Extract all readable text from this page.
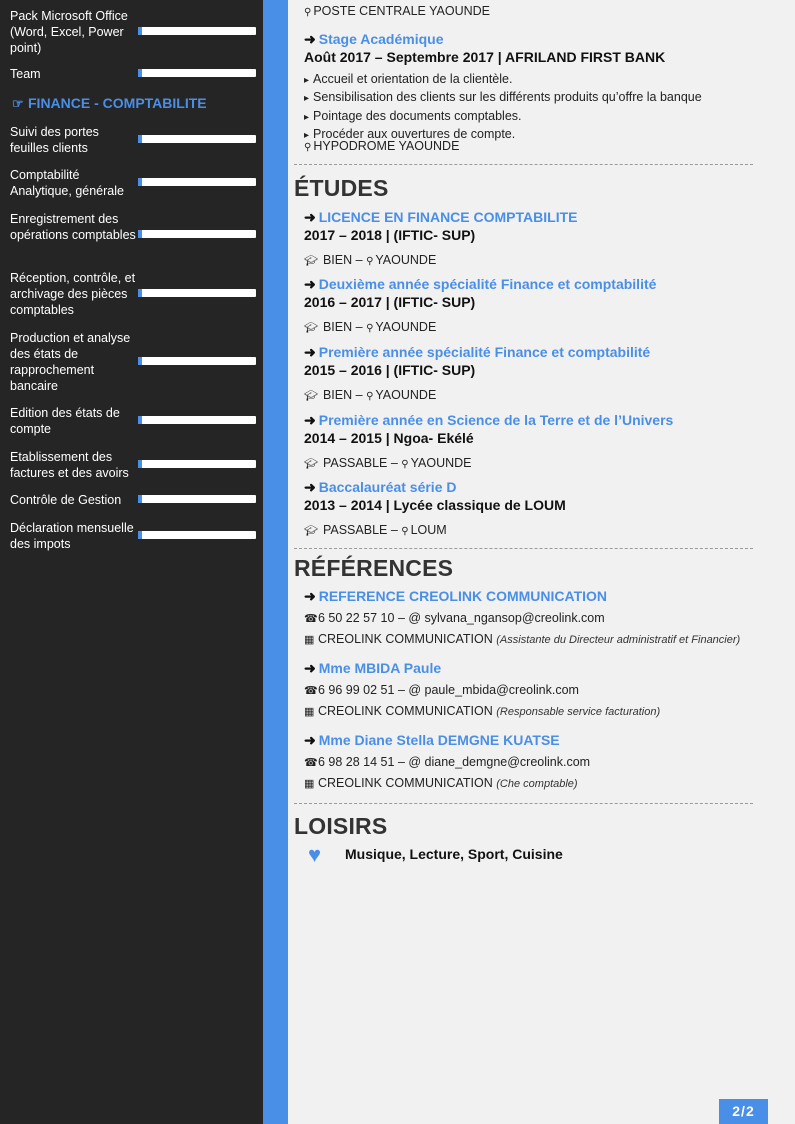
Pack Microsoft Office (Word, Excel, Power point)
Team
☞ FINANCE - COMPTABILITE
Suivi des portes feuilles clients
Comptabilité Analytique, générale
Enregistrement des opérations comptables
Réception, contrôle, et archivage des pièces comptables
Production et analyse des états de rapprochement bancaire
Edition des états de compte
Etablissement des factures et des avoirs
Contrôle de Gestion
Déclaration mensuelle des impots
⚲ POSTE CENTRALE YAOUNDE
➜ Stage Académique
Août 2017 – Septembre 2017 | AFRILAND FIRST BANK
▸ Accueil et orientation de la clientèle.
▸ Sensibilisation des clients sur les différents produits qu’offre la banque
▸ Pointage des documents comptables.
▸ Procéder aux ouvertures de compte.
⚲ HYPODROME YAOUNDE
ÉTUDES
➜ LICENCE EN FINANCE COMPTABILITE
2017 – 2018 | (IFTIC- SUP)
🎓︎ BIEN – ⚲ YAOUNDE
➜ Deuxième année spécialité Finance et comptabilité
2016 – 2017 | (IFTIC- SUP)
🎓︎ BIEN – ⚲ YAOUNDE
➜ Première année spécialité Finance et comptabilité
2015 – 2016 | (IFTIC- SUP)
🎓︎ BIEN – ⚲ YAOUNDE
➜ Première année en Science de la Terre et de l’Univers
2014 – 2015 | Ngoa- Ekélé
🎓︎ PASSABLE – ⚲ YAOUNDE
➜ Baccalauréat série D
2013 – 2014 | Lycée classique de LOUM
🎓︎ PASSABLE – ⚲ LOUM
RÉFÉRENCES
➜ REFERENCE CREOLINK COMMUNICATION
☎6 50 22 57 10 – @ sylvana_ngansop@creolink.com
▦ CREOLINK COMMUNICATION (Assistante du Directeur administratif et Financier)
➜ Mme MBIDA Paule
☎6 96 99 02 51 – @ paule_mbida@creolink.com
▦ CREOLINK COMMUNICATION (Responsable service facturation)
➜ Mme Diane Stella DEMGNE KUATSE
☎6 98 28 14 51 – @ diane_demgne@creolink.com
▦ CREOLINK COMMUNICATION (Che comptable)
LOISIRS
♥ Musique, Lecture, Sport, Cuisine
2/2
